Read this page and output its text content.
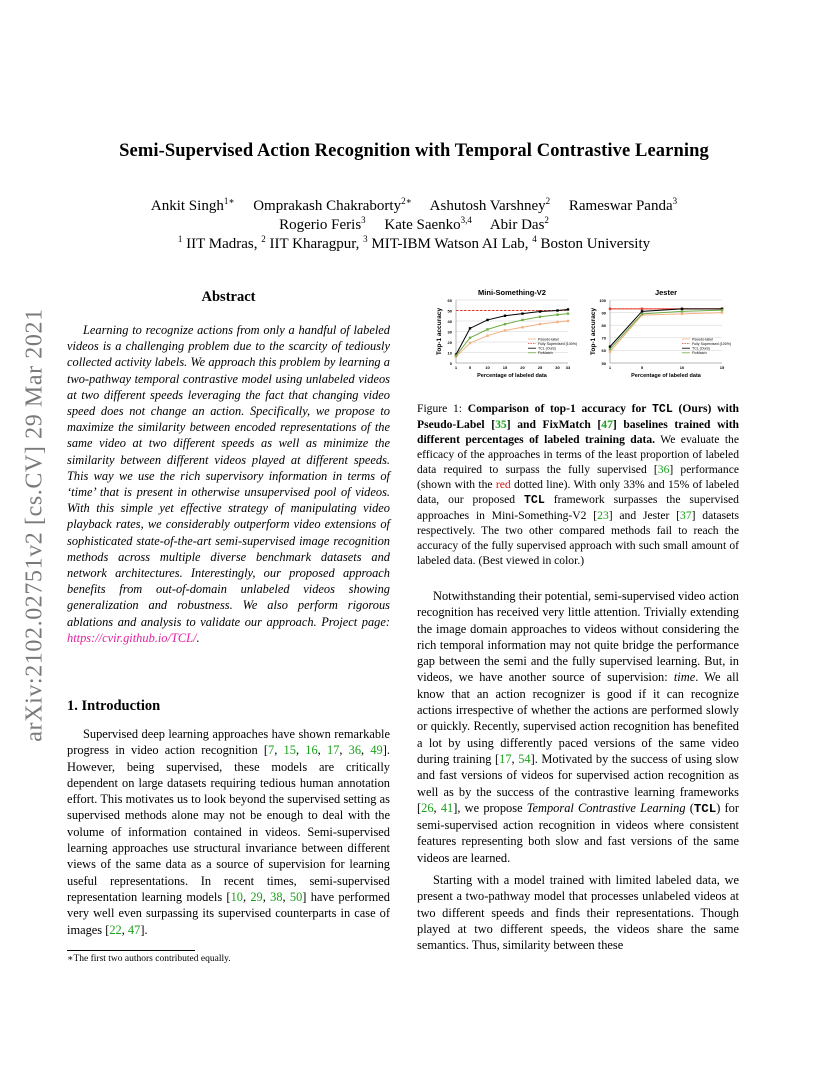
arXiv:2102.02751v2 [cs.CV] 29 Mar 2021
Semi-Supervised Action Recognition with Temporal Contrastive Learning
Ankit Singh$^{1∗}$ Omprakash Chakraborty$^{2∗}$ Ashutosh Varshney$^2$ Rameswar Panda$^3$
Rogerio Feris$^3$ Kate Saenko$^{3,4}$ Abir Das$^2$
$^1$ IIT Madras, $^2$ IIT Kharagpur, $^3$ MIT-IBM Watson AI Lab, $^4$ Boston University
Abstract

Learning to recognize actions from only a handful of labeled videos is a challenging problem due to the scarcity of tediously collected activity labels. We approach this problem by learning a two-pathway temporal contrastive model using unlabeled videos at two different speeds leveraging the fact that changing video speed does not change an action. Specifically, we propose to maximize the similarity between encoded representations of the same video at two different speeds as well as minimize the similarity between different videos played at different speeds. This way we use the rich supervisory information in terms of ‘time’ that is present in otherwise unsupervised pool of videos. With this simple yet effective strategy of manipulating video playback rates, we considerably outperform video extensions of sophisticated state-of-the-art semi-supervised image recognition methods across multiple diverse benchmark datasets and network architectures. Interestingly, our proposed approach benefits from out-of-domain unlabeled videos showing generalization and robustness. We also perform rigorous ablations and analysis to validate our approach. Project page: https://cvir.github.io/TCL/.

1. Introduction

Supervised deep learning approaches have shown remarkable progress in video action recognition [7, 15, 16, 17, 36, 49]. However, being supervised, these models are critically dependent on large datasets requiring tedious human annotation effort. This motivates us to look beyond the supervised setting as supervised methods alone may not be enough to deal with the volume of information contained in videos. Semi-supervised learning approaches use structural invariance between different views of the same data as a source of supervision for learning useful representations. In recent times, semi-supervised representation learning models [10, 29, 38, 50] have performed very well even surpassing its supervised counterparts in case of images [22, 47].

∗The first two authors contributed equally.
Mini-Something-V2
0
10
20
30
40
50
60
1	5	10	15	20	25	30 33
Percentage of labeled data
Top-1 accuracy	Pseudo-label
Fully Supervised (100%)
TCL (Ours)
FixMatch
Jester
50
60
70
80
90
100
1	5	10	15
Percentage of labeled data
Top-1 accuracy	Pseudo-label
Fully Supervised (100%)
TCL (Ours)
FixMatch
Figure 1: Comparison of top-1 accuracy for TCL (Ours) with Pseudo-Label [35] and FixMatch [47] baselines trained with different percentages of labeled training data. We evaluate the efficacy of the approaches in terms of the least proportion of labeled data required to surpass the fully supervised [36] performance (shown with the red dotted line). With only 33% and 15% of labeled data, our proposed TCL framework surpasses the supervised approaches in Mini-Something-V2 [23] and Jester [37] datasets respectively. The two other compared methods fail to reach the accuracy of the fully supervised approach with such small amount of labeled data. (Best viewed in color.)

Notwithstanding their potential, semi-supervised video action recognition has received very little attention. Trivially extending the image domain approaches to videos without considering the rich temporal information may not quite bridge the performance gap between the semi and the fully supervised learning. But, in videos, we have another source of supervision: time. We all know that an action recognizer is good if it can recognize actions irrespective of whether the actions are performed slowly or quickly. Recently, supervised action recognition has benefited a lot by using differently paced versions of the same video during training [17, 54]. Motivated by the success of using slow and fast versions of videos for supervised action recognition as well as by the success of the contrastive learning frameworks [26, 41], we propose Temporal Contrastive Learning (TCL) for semi-supervised action recognition in videos where consistent features representing both slow and fast versions of the same videos are learned.

Starting with a model trained with limited labeled data, we present a two-pathway model that processes unlabeled videos at two different speeds and finds their representations. Though played at two different speeds, the videos share the same semantics. Thus, similarity between these
